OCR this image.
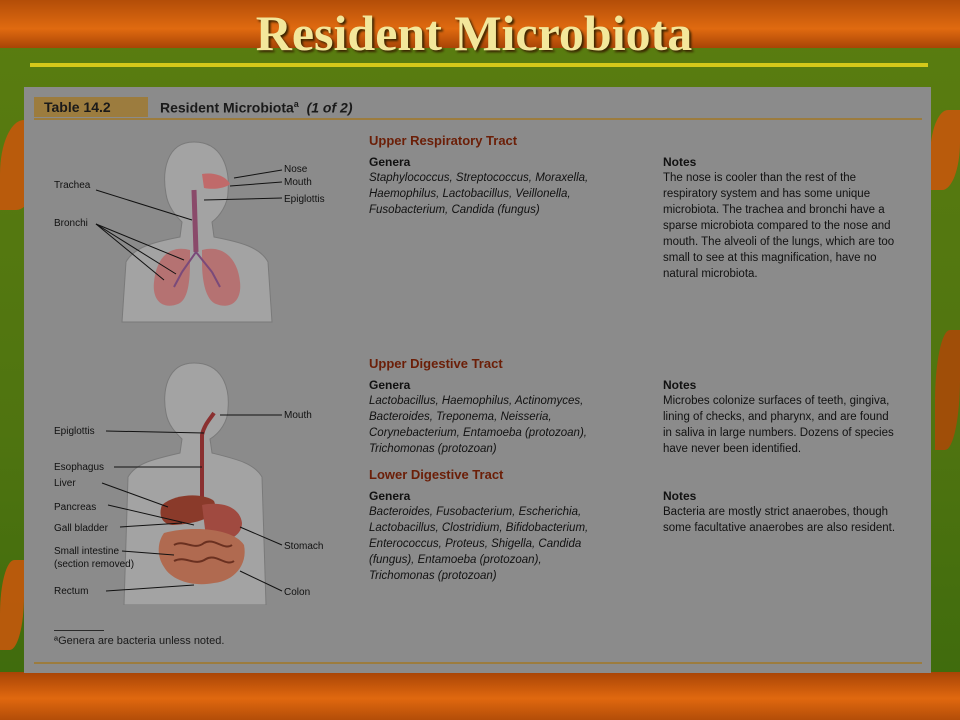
Resident Microbiota
Table 14.2	Resident Microbiota$^a$ (1 of 2)
Nose
Mouth
Epiglottis
Trachea
Bronchi
Mouth
Epiglottis
Esophagus
Liver
Pancreas
Gall bladder
Small intestine
(section removed)
Rectum
Stomach
Colon
Upper Respiratory Tract
Genera
Staphylococcus, Streptococcus, Moraxella,
Haemophilus, Lactobacillus, Veillonella,
Fusobacterium, Candida (fungus)
Notes
The nose is cooler than the rest of the
respiratory system and has some unique
microbiota. The trachea and bronchi have a
sparse microbiota compared to the nose and
mouth. The alveoli of the lungs, which are too
small to see at this magnification, have no
natural microbiota.
Upper Digestive Tract
Genera
Lactobacillus, Haemophilus, Actinomyces,
Bacteroides, Treponema, Neisseria,
Corynebacterium, Entamoeba (protozoan),
Trichomonas (protozoan)
Notes
Microbes colonize surfaces of teeth, gingiva,
lining of checks, and pharynx, and are found
in saliva in large numbers. Dozens of species
have never been identified.
Lower Digestive Tract
Genera
Bacteroides, Fusobacterium, Escherichia,
Lactobacillus, Clostridium, Bifidobacterium,
Enterococcus, Proteus, Shigella, Candida
(fungus), Entamoeba (protozoan),
Trichomonas (protozoan)
Notes
Bacteria are mostly strict anaerobes, though
some facultative anaerobes are also resident.
ªGenera are bacteria unless noted.
